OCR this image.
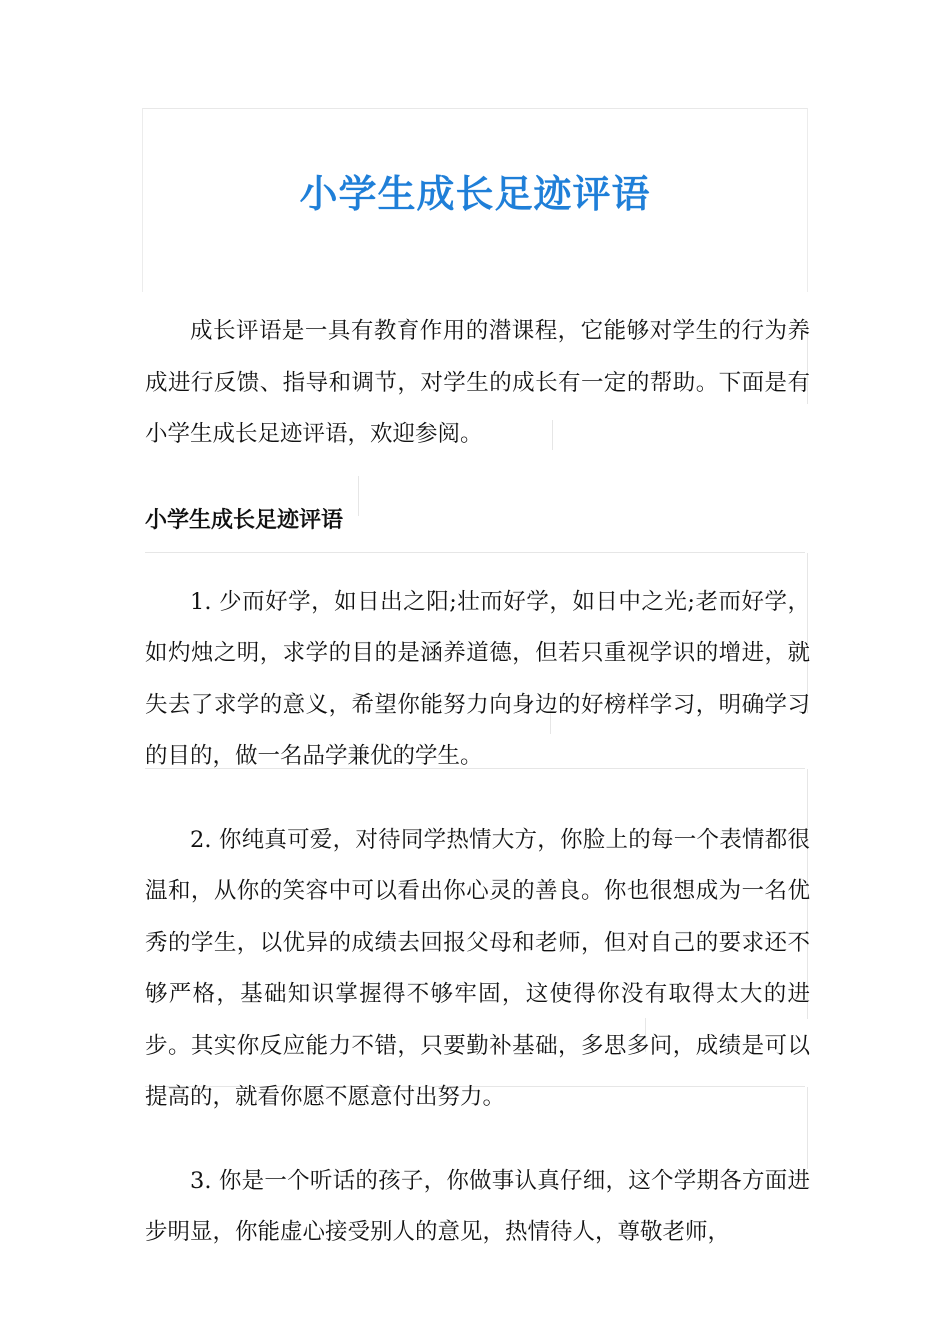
小学生成长足迹评语

成长评语是一具有教育作用的潜课程，它能够对学生的行为养成进行反馈、指导和调节，对学生的成长有一定的帮助。下面是有小学生成长足迹评语，欢迎参阅。

小学生成长足迹评语

1. 少而好学，如日出之阳;壮而好学，如日中之光;老而好学，如灼烛之明，求学的目的是涵养道德，但若只重视学识的增进，就失去了求学的意义，希望你能努力向身边的好榜样学习，明确学习的目的，做一名品学兼优的学生。

2. 你纯真可爱，对待同学热情大方，你脸上的每一个表情都很温和，从你的笑容中可以看出你心灵的善良。你也很想成为一名优秀的学生，以优异的成绩去回报父母和老师，但对自己的要求还不够严格，基础知识掌握得不够牢固，这使得你没有取得太大的进步。其实你反应能力不错，只要勤补基础，多思多问，成绩是可以提高的，就看你愿不愿意付出努力。

3. 你是一个听话的孩子，你做事认真仔细，这个学期各方面进步明显，你能虚心接受别人的意见，热情待人，尊敬老师，
